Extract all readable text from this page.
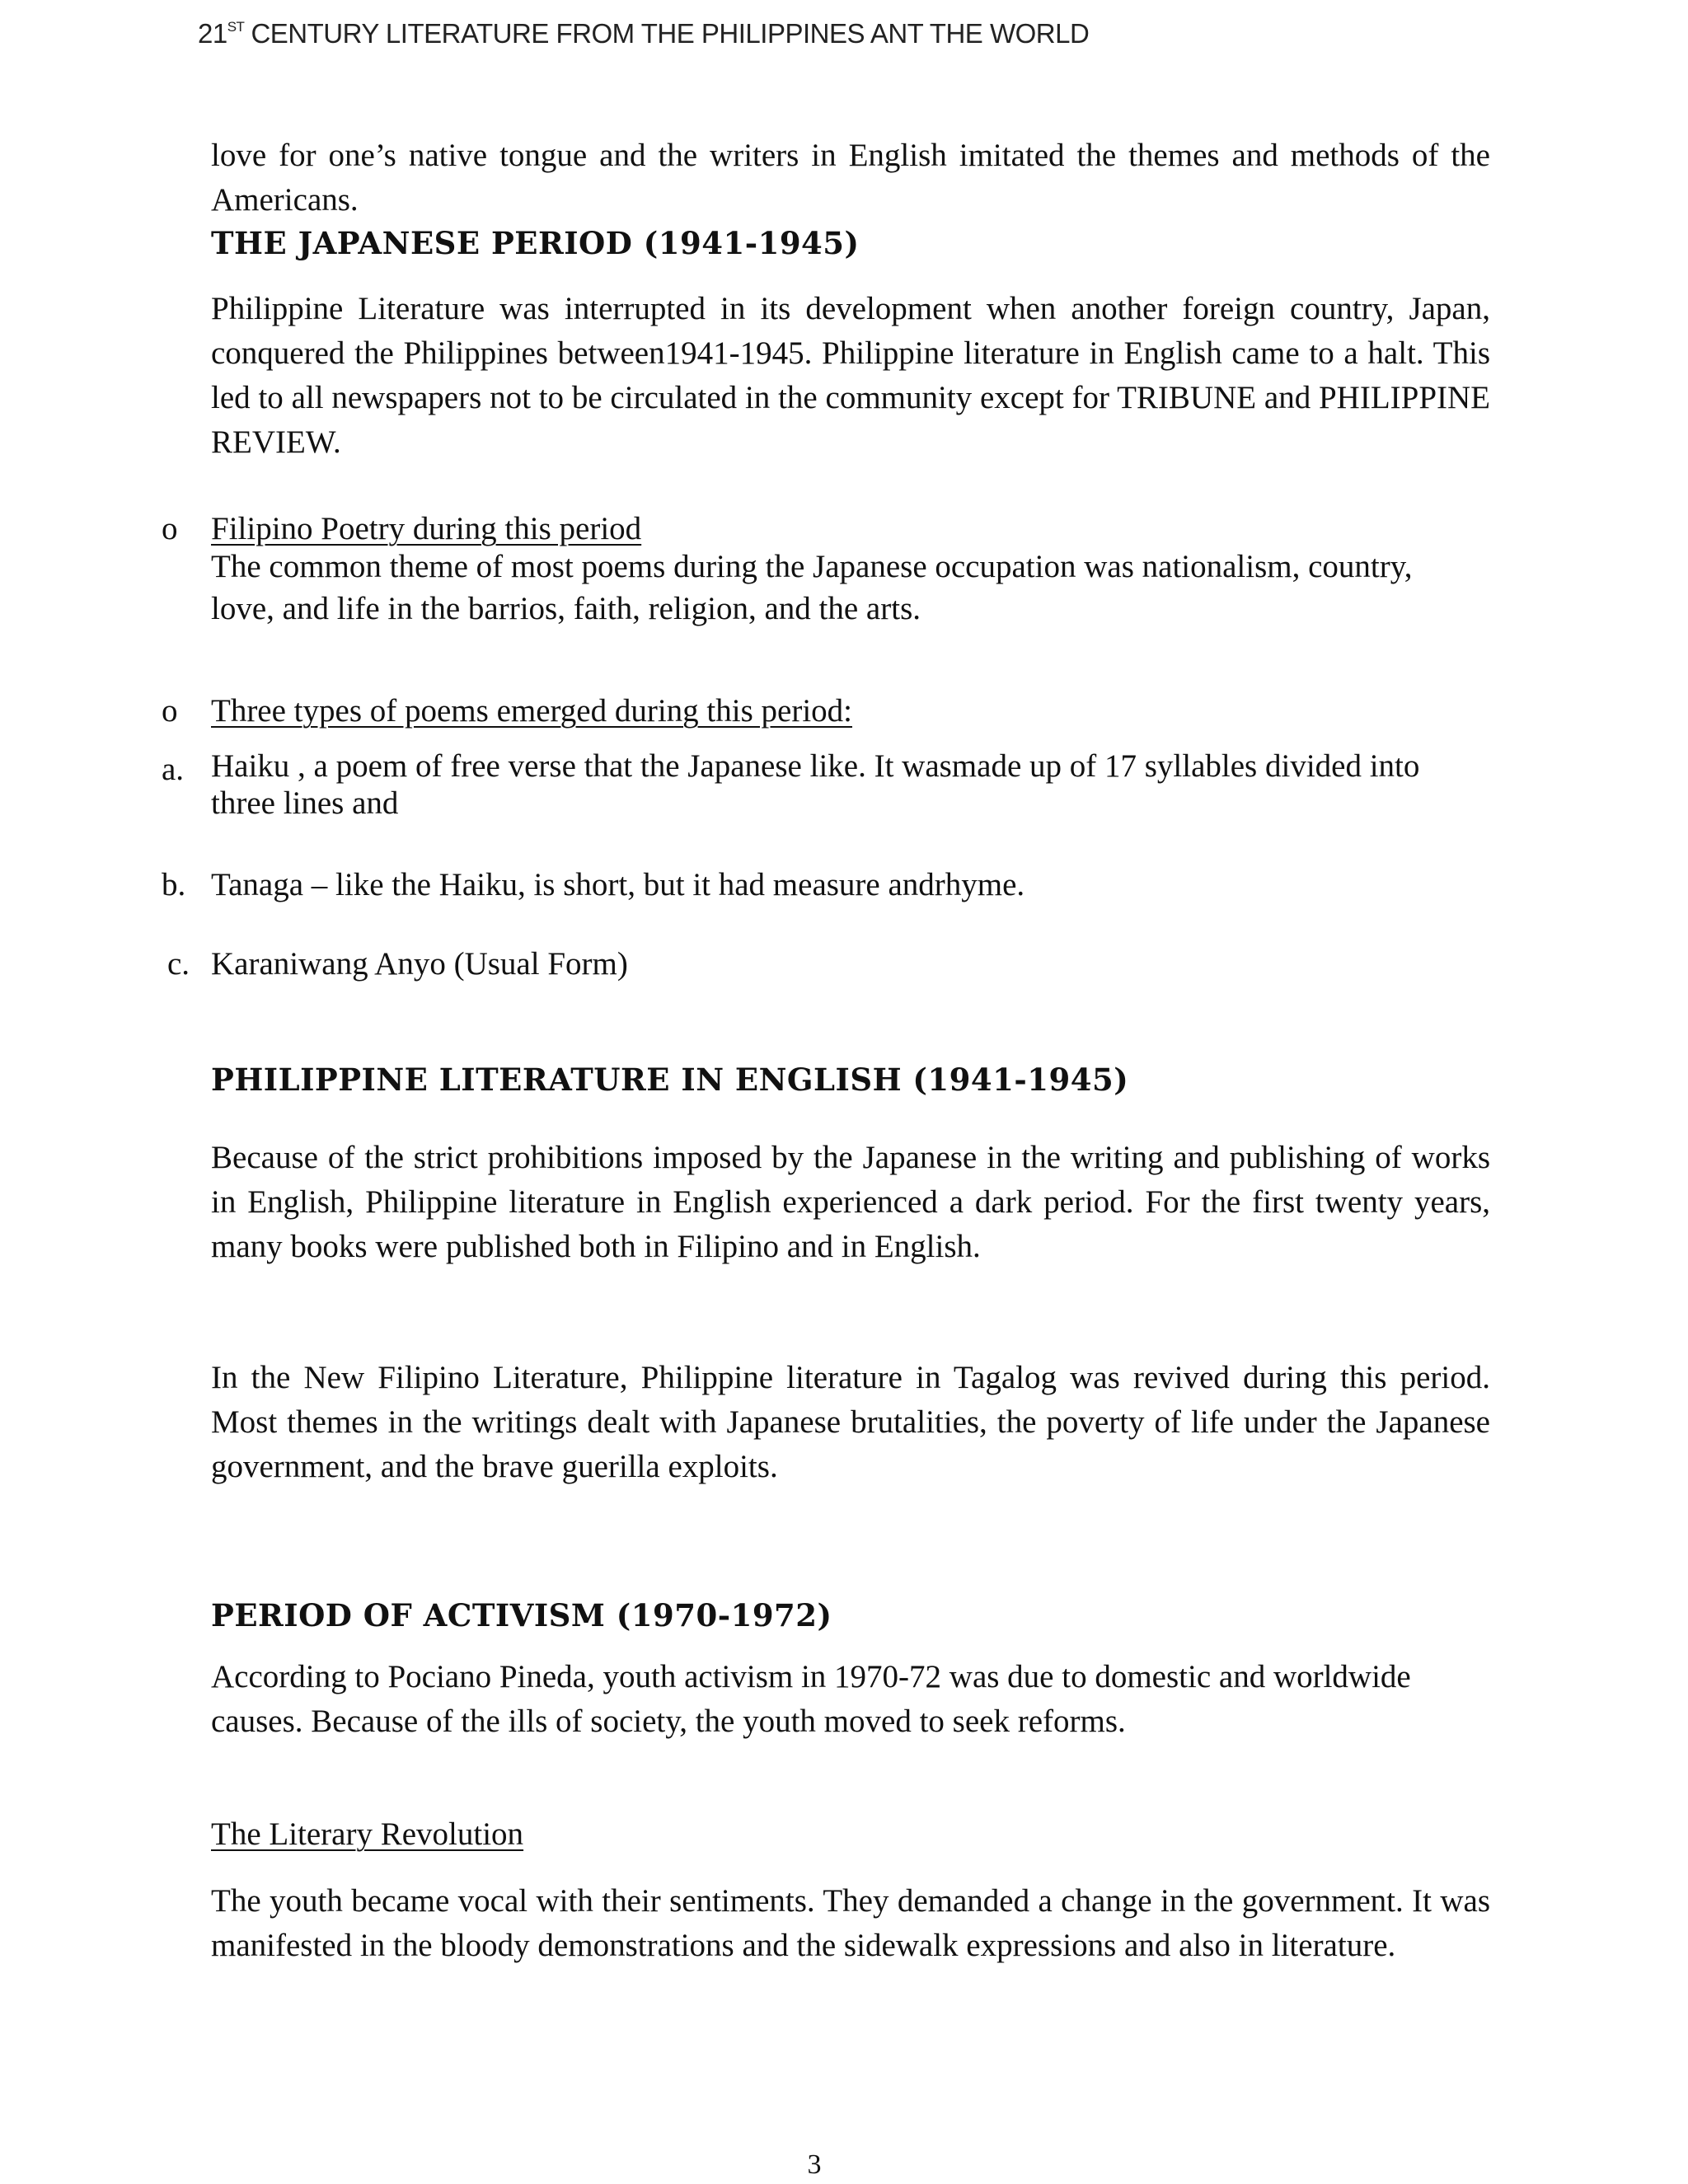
21ST CENTURY LITERATURE FROM THE PHILIPPINES ANT THE WORLD

love for one’s native tongue and the writers in English imitated the themes and methods of the Americans.

THE JAPANESE PERIOD (1941-1945)

Philippine Literature was interrupted in its development when another foreign country, Japan, conquered the Philippines between1941-1945. Philippine literature in English came to a halt. This led to all newspapers not to be circulated in the community except for TRIBUNE and PHILIPPINE REVIEW.

o Filipino Poetry during this period

The common theme of most poems during the Japanese occupation was nationalism, country, love, and life in the barrios, faith, religion, and the arts.

o Three types of poems emerged during this period:
a. Haiku , a poem of free verse that the Japanese like. It wasmade up of 17 syllables divided into three lines and

b. Tanaga – like the Haiku, is short, but it had measure andrhyme.

c. Karaniwang Anyo (Usual Form)

PHILIPPINE LITERATURE IN ENGLISH (1941-1945)

Because of the strict prohibitions imposed by the Japanese in the writing and publishing of works in English, Philippine literature in English experienced a dark period. For the first twenty years, many books were published both in Filipino and in English.

In the New Filipino Literature, Philippine literature in Tagalog was revived during this period. Most themes in the writings dealt with Japanese brutalities, the poverty of life under the Japanese government, and the brave guerilla exploits.

PERIOD OF ACTIVISM (1970-1972)

According to Pociano Pineda, youth activism in 1970-72 was due to domestic and worldwide causes. Because of the ills of society, the youth moved to seek reforms.

The Literary Revolution

The youth became vocal with their sentiments. They demanded a change in the government. It was manifested in the bloody demonstrations and the sidewalk expressions and also in literature.

3
